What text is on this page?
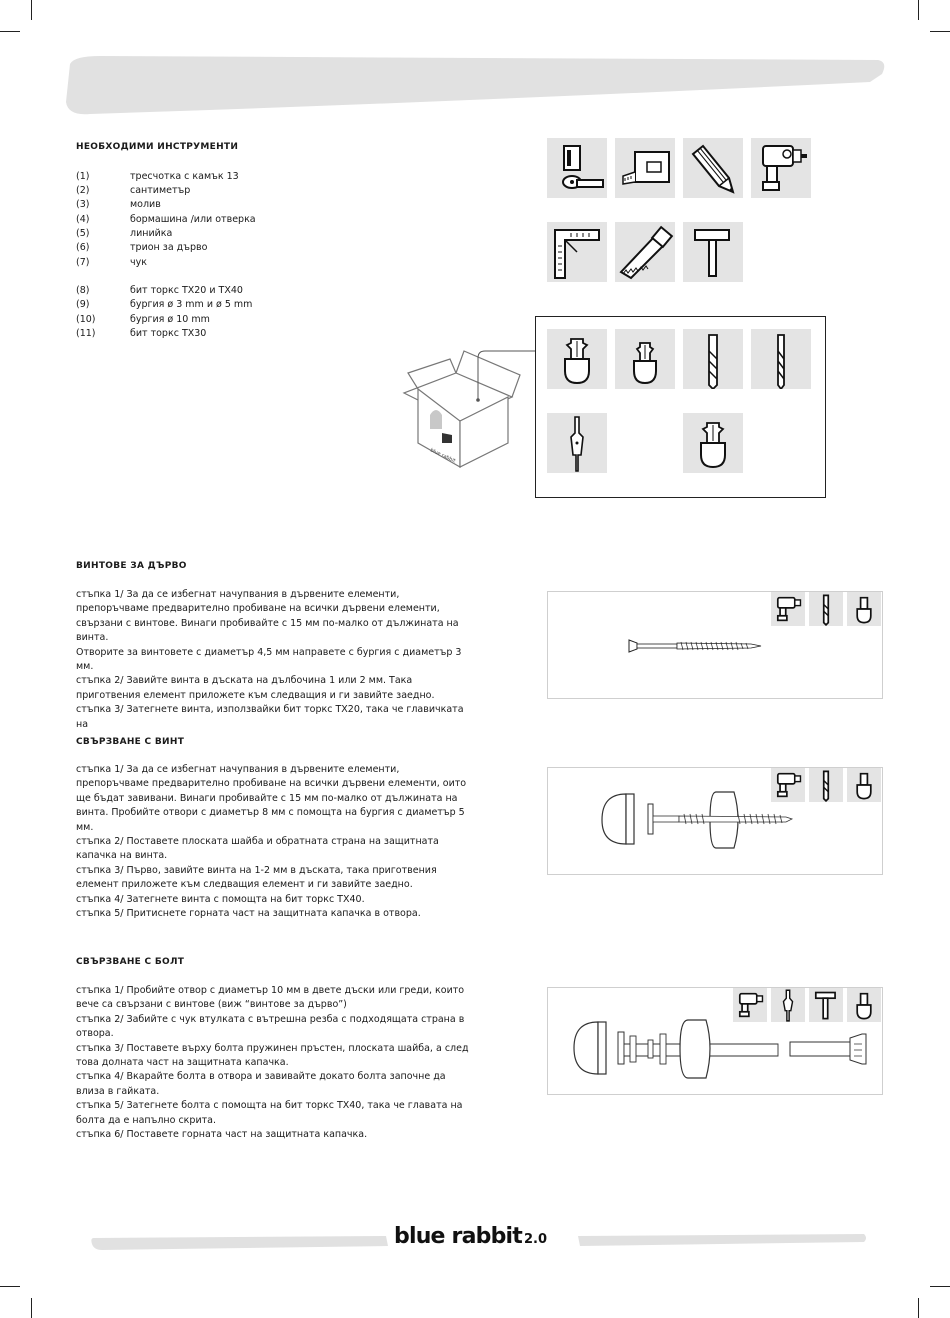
НЕОБХОДИМИ ИНСТРУМЕНТИ
(1)	тресчотка с камък 13
(2)	сантиметър
(3)	молив
(4)	бормашина /или отверка
(5)	линийка
(6)	трион за дърво
(7)	чук
(8)	бит торкс TX20 и TX40
(9)	бургия ø 3 mm и ø 5 mm
(10)	бургия ø 10 mm
(11)	бит торкс TX30
blue rabbit
ВИНТОВЕ ЗА ДЪРВО

стъпка 1/ За да се избегнат начупвания в дървените елементи,

препоръчваме предварително пробиване на всички дървени елементи,

свързани с винтове. Винаги пробивайте с 15 мм по-малко от дължината на

винта.

Отворите за винтовете с диаметър 4,5 мм направете с бургия с диаметър 3

мм.

стъпка 2/ Завийте винта в дъската на дълбочина 1 или 2 мм. Така

приготвения елемент приложете към следващия и ги завийте заедно.

стъпка 3/ Затегнете винта, използвайки бит торкс TX20, така че главичката на

СВЪРЗВАНЕ С ВИНТ

стъпка 1/ За да се избегнат начупвания в дървените елементи,

препоръчваме предварително пробиване на всички дървени елементи, оито

ще бъдат завивани. Винаги пробивайте с 15 мм по-малко от дължината на

винта. Пробийте отвори с диаметър 8 мм с помощта на бургия с диаметър 5

мм.

стъпка 2/ Поставете плоската шайба и обратната страна на защитната

капачка на винта.

стъпка 3/ Първо, завийте винта на 1-2 мм в дъската, така приготвения

елемент приложете към следващия елемент и ги завийте заедно.

стъпка 4/ Затегнете винта с помощта на бит торкс TX40.

стъпка 5/ Притиснете горната част на защитната капачка в отвора.

СВЪРЗВАНЕ С БОЛТ

стъпка 1/ Пробийте отвор с диаметър 10 мм в двете дъски или греди, които

вече са свързани с винтове (виж “винтове за дърво”)

стъпка 2/ Забийте с чук втулката с вътрешна резба с подходящата страна в

отвора.

стъпка 3/ Поставете върху болта пружинен пръстен, плоската шайба, а след

това долната част на защитната капачка.

стъпка 4/ Вкарайте болта в отвора и завивайте докато болта започне да

влиза в гайката.

стъпка 5/ Затегнете болта с помощта на бит торкс TX40, така че главата на

болта да е напълно скрита.

стъпка 6/ Поставете горната част на защитната капачка.

blue rabbit 2.0
